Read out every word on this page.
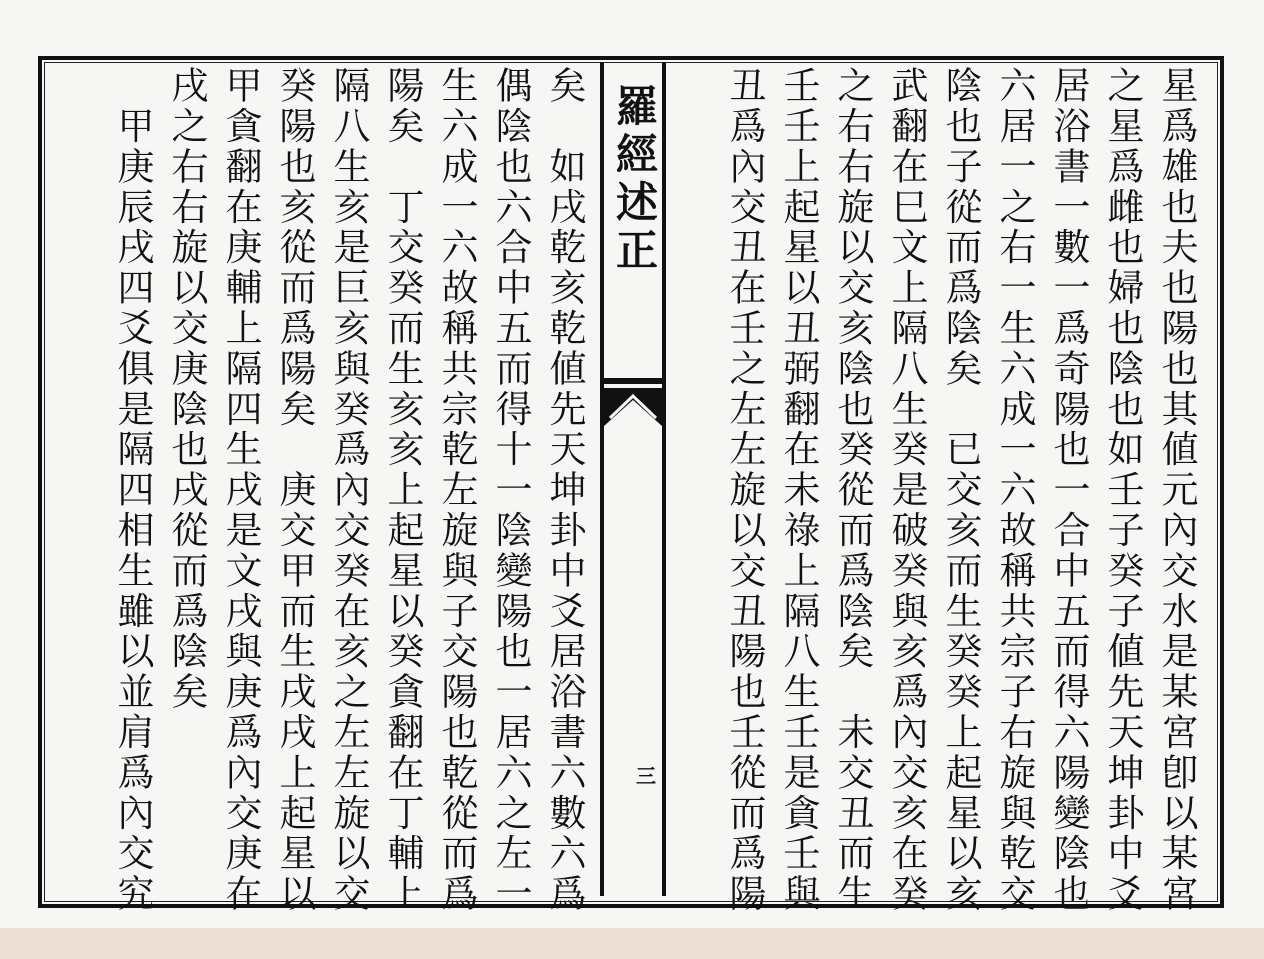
星爲雄也夫也陽也其値元內交水是某宮卽以某宮
之星爲雌也婦也陰也如壬子癸子値先天坤卦中爻
居浴書一數一爲奇陽也一合中五而得六陽變陰也
六居一之右一生六成一六故稱共宗子右旋與乾交
陰也子從而爲陰矣　已交亥而生癸癸上起星以亥
武翻在巳文上隔八生癸是破癸與亥爲內交亥在癸
之右右旋以交亥陰也癸從而爲陰矣　未交丑而生
壬壬上起星以丑弼翻在未祿上隔八生壬是貪壬與
丑爲內交丑在壬之左左旋以交丑陽也壬從而爲陽
羅經述正
三
矣　如戌乾亥乾値先天坤卦中爻居浴書六數六爲
偶陰也六合中五而得十一陰變陽也一居六之左一
生六成一六故稱共宗乾左旋與子交陽也乾從而爲
陽矣　丁交癸而生亥亥上起星以癸貪翻在丁輔上
隔八生亥是巨亥與癸爲內交癸在亥之左左旋以交
癸陽也亥從而爲陽矣　庚交甲而生戌戌上起星以
甲貪翻在庚輔上隔四生戌是文戌與庚爲內交庚在
戌之右右旋以交庚陰也戌從而爲陰矣
　甲庚辰戌四爻俱是隔四相生雖以並肩爲內交究
